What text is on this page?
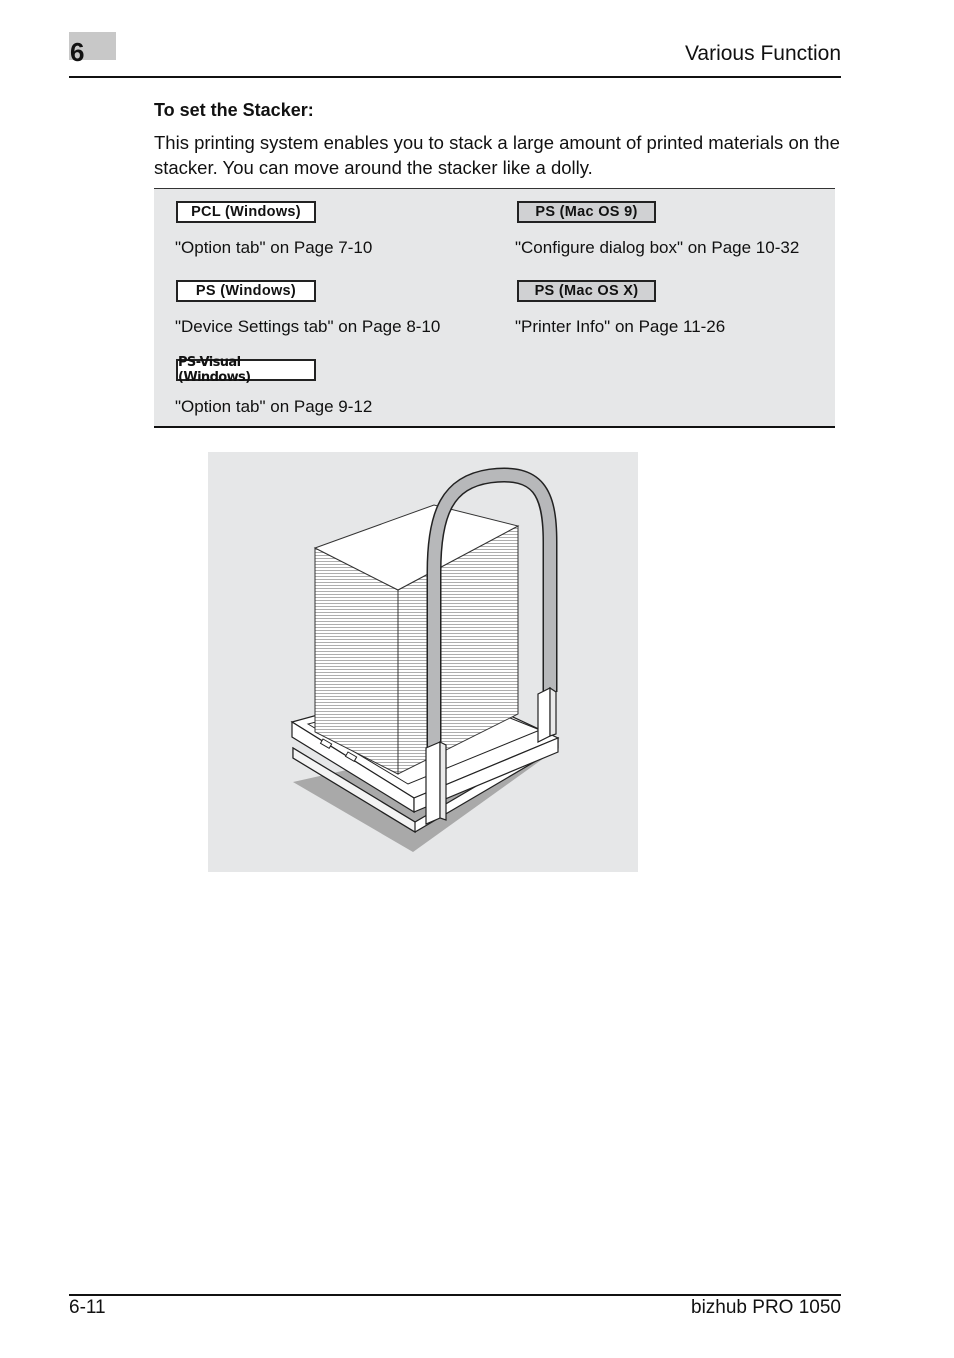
6	Various Function
To set the Stacker:
This printing system enables you to stack a large amount of printed materials on the stacker. You can move around the stacker like a dolly.
PCL (Windows)
"Option tab" on Page 7-10
PS (Mac OS 9)
"Configure dialog box" on Page 10-32
PS (Windows)
"Device Settings tab" on Page 8-10
PS (Mac OS X)
"Printer Info" on Page 11-26
PS-Visual (Windows)
"Option tab" on Page 9-12
6-11	bizhub PRO 1050
